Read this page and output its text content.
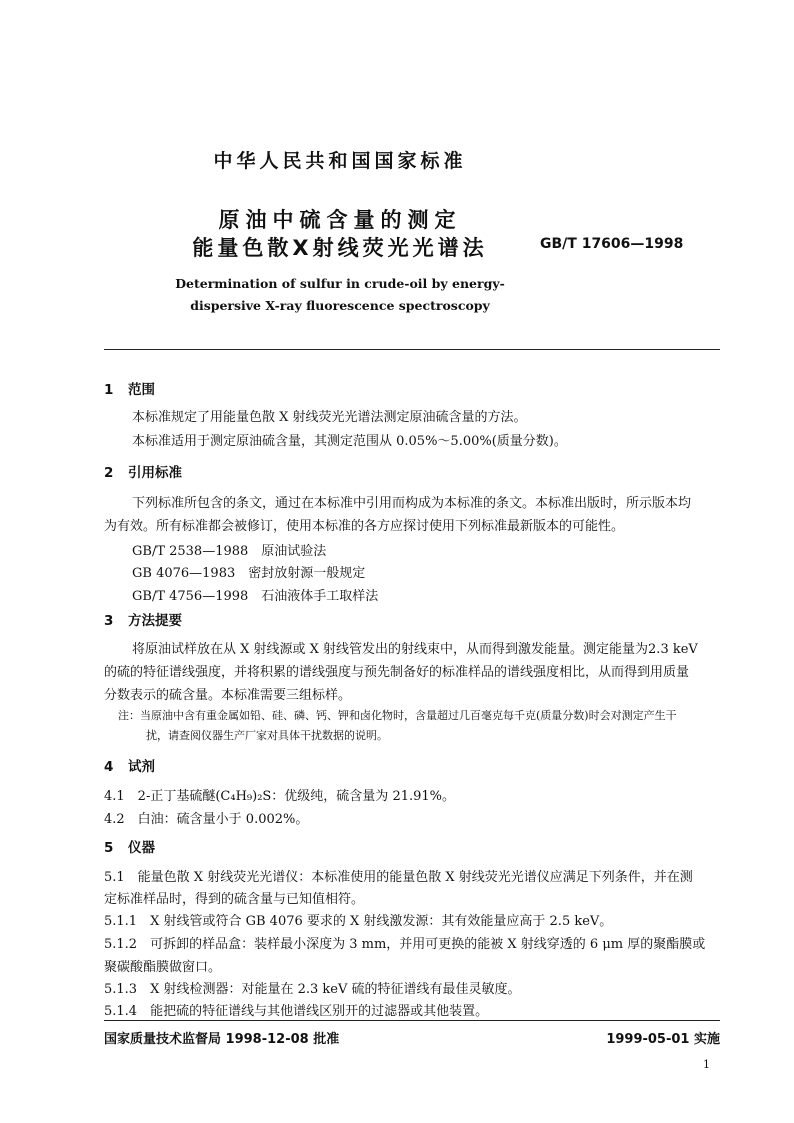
中华人民共和国国家标准
原油中硫含量的测定
能量色散X射线荧光光谱法	GB/T 17606—1998
Determination of sulfur in crude-oil by energy-
dispersive X-ray fluorescence spectroscopy
1 范围
本标准规定了用能量色散 X 射线荧光光谱法测定原油硫含量的方法。
本标准适用于测定原油硫含量，其测定范围从 0.05%～5.00%(质量分数)。
2 引用标准
下列标准所包含的条文，通过在本标准中引用而构成为本标准的条文。本标准出版时，所示版本均
为有效。所有标准都会被修订，使用本标准的各方应探讨使用下列标准最新版本的可能性。
GB/T 2538—1988　原油试验法
GB 4076—1983　密封放射源一般规定
GB/T 4756—1998　石油液体手工取样法
3 方法提要
将原油试样放在从 X 射线源或 X 射线管发出的射线束中，从而得到激发能量。测定能量为2.3 keV
的硫的特征谱线强度，并将积累的谱线强度与预先制备好的标准样品的谱线强度相比，从而得到用质量
分数表示的硫含量。本标准需要三组标样。
注：当原油中含有重金属如铅、硅、磷、钙、钾和卤化物时，含量超过几百毫克每千克(质量分数)时会对测定产生干
扰，请查阅仪器生产厂家对具体干扰数据的说明。
4 试剂
4.1　2-正丁基硫醚(C₄H₉)₂S：优级纯，硫含量为 21.91%。
4.2　白油：硫含量小于 0.002%。
5 仪器
5.1　能量色散 X 射线荧光光谱仪：本标准使用的能量色散 X 射线荧光光谱仪应满足下列条件，并在测
定标准样品时，得到的硫含量与已知值相符。
5.1.1　X 射线管或符合 GB 4076 要求的 X 射线激发源：其有效能量应高于 2.5 keV。
5.1.2　可拆卸的样品盒：装样最小深度为 3 mm，并用可更换的能被 X 射线穿透的 6 μm 厚的聚酯膜或
聚碳酸酯膜做窗口。
5.1.3　X 射线检测器：对能量在 2.3 keV 硫的特征谱线有最佳灵敏度。
5.1.4　能把硫的特征谱线与其他谱线区别开的过滤器或其他装置。
国家质量技术监督局 1998-12-08 批准	1999-05-01 实施
1
